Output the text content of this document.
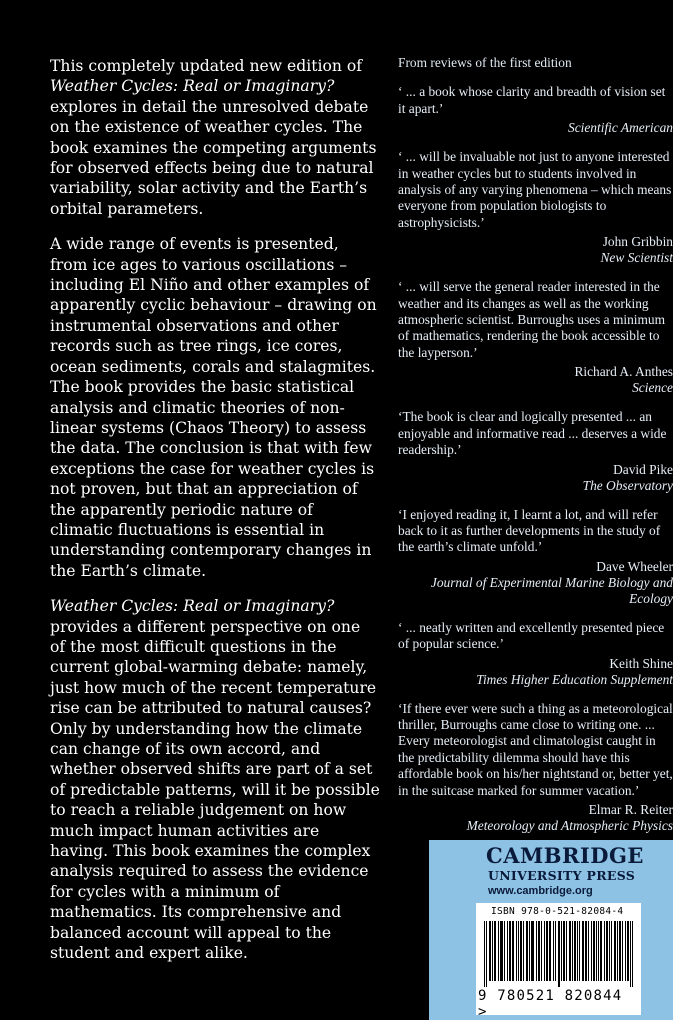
This completely updated new edition of Weather Cycles: Real or Imaginary? explores in detail the unresolved debate on the existence of weather cycles. The book examines the competing arguments for observed effects being due to natural variability, solar activity and the Earth’s orbital parameters.

A wide range of events is presented, from ice ages to various oscillations – including El Niño and other examples of apparently cyclic behaviour – drawing on instrumental observations and other records such as tree rings, ice cores, ocean sediments, corals and stalagmites. The book provides the basic statistical analysis and climatic theories of non-linear systems (Chaos Theory) to assess the data. The conclusion is that with few exceptions the case for weather cycles is not proven, but that an appreciation of the apparently periodic nature of climatic fluctuations is essential in understanding contemporary changes in the Earth’s climate.

Weather Cycles: Real or Imaginary? provides a different perspective on one of the most difficult questions in the current global-warming debate: namely, just how much of the recent temperature rise can be attributed to natural causes? Only by understanding how the climate can change of its own accord, and whether observed shifts are part of a set of predictable patterns, will it be possible to reach a reliable judgement on how much impact human activities are having. This book examines the complex analysis required to assess the evidence for cycles with a minimum of mathematics. Its comprehensive and balanced account will appeal to the student and expert alike.

From reviews of the first edition

‘ ... a book whose clarity and breadth of vision set it apart.’

Scientific American

‘ ... will be invaluable not just to anyone interested in weather cycles but to students involved in analysis of any varying phenomena – which means everyone from population biologists to astrophysicists.’

John Gribbin
New Scientist

‘ ... will serve the general reader interested in the weather and its changes as well as the working atmospheric scientist. Burroughs uses a minimum of mathematics, rendering the book accessible to the layperson.’

Richard A. Anthes
Science

‘The book is clear and logically presented ... an enjoyable and informative read ... deserves a wide readership.’

David Pike
The Observatory

‘I enjoyed reading it, I learnt a lot, and will refer back to it as further developments in the study of the earth’s climate unfold.’

Dave Wheeler
Journal of Experimental Marine Biology and Ecology

‘ ... neatly written and excellently presented piece of popular science.’

Keith Shine
Times Higher Education Supplement

‘If there ever were such a thing as a meteorological thriller, Burroughs came close to writing one. ... Every meteorologist and climatologist caught in the predictability dilemma should have this affordable book on his/her nightstand or, better yet, in the suitcase marked for summer vacation.’

Elmar R. Reiter
Meteorology and Atmospheric Physics
CAMBRIDGE
UNIVERSITY PRESS
www.cambridge.org
ISBN 978-0-521-82084-4
9 780521 820844 >
